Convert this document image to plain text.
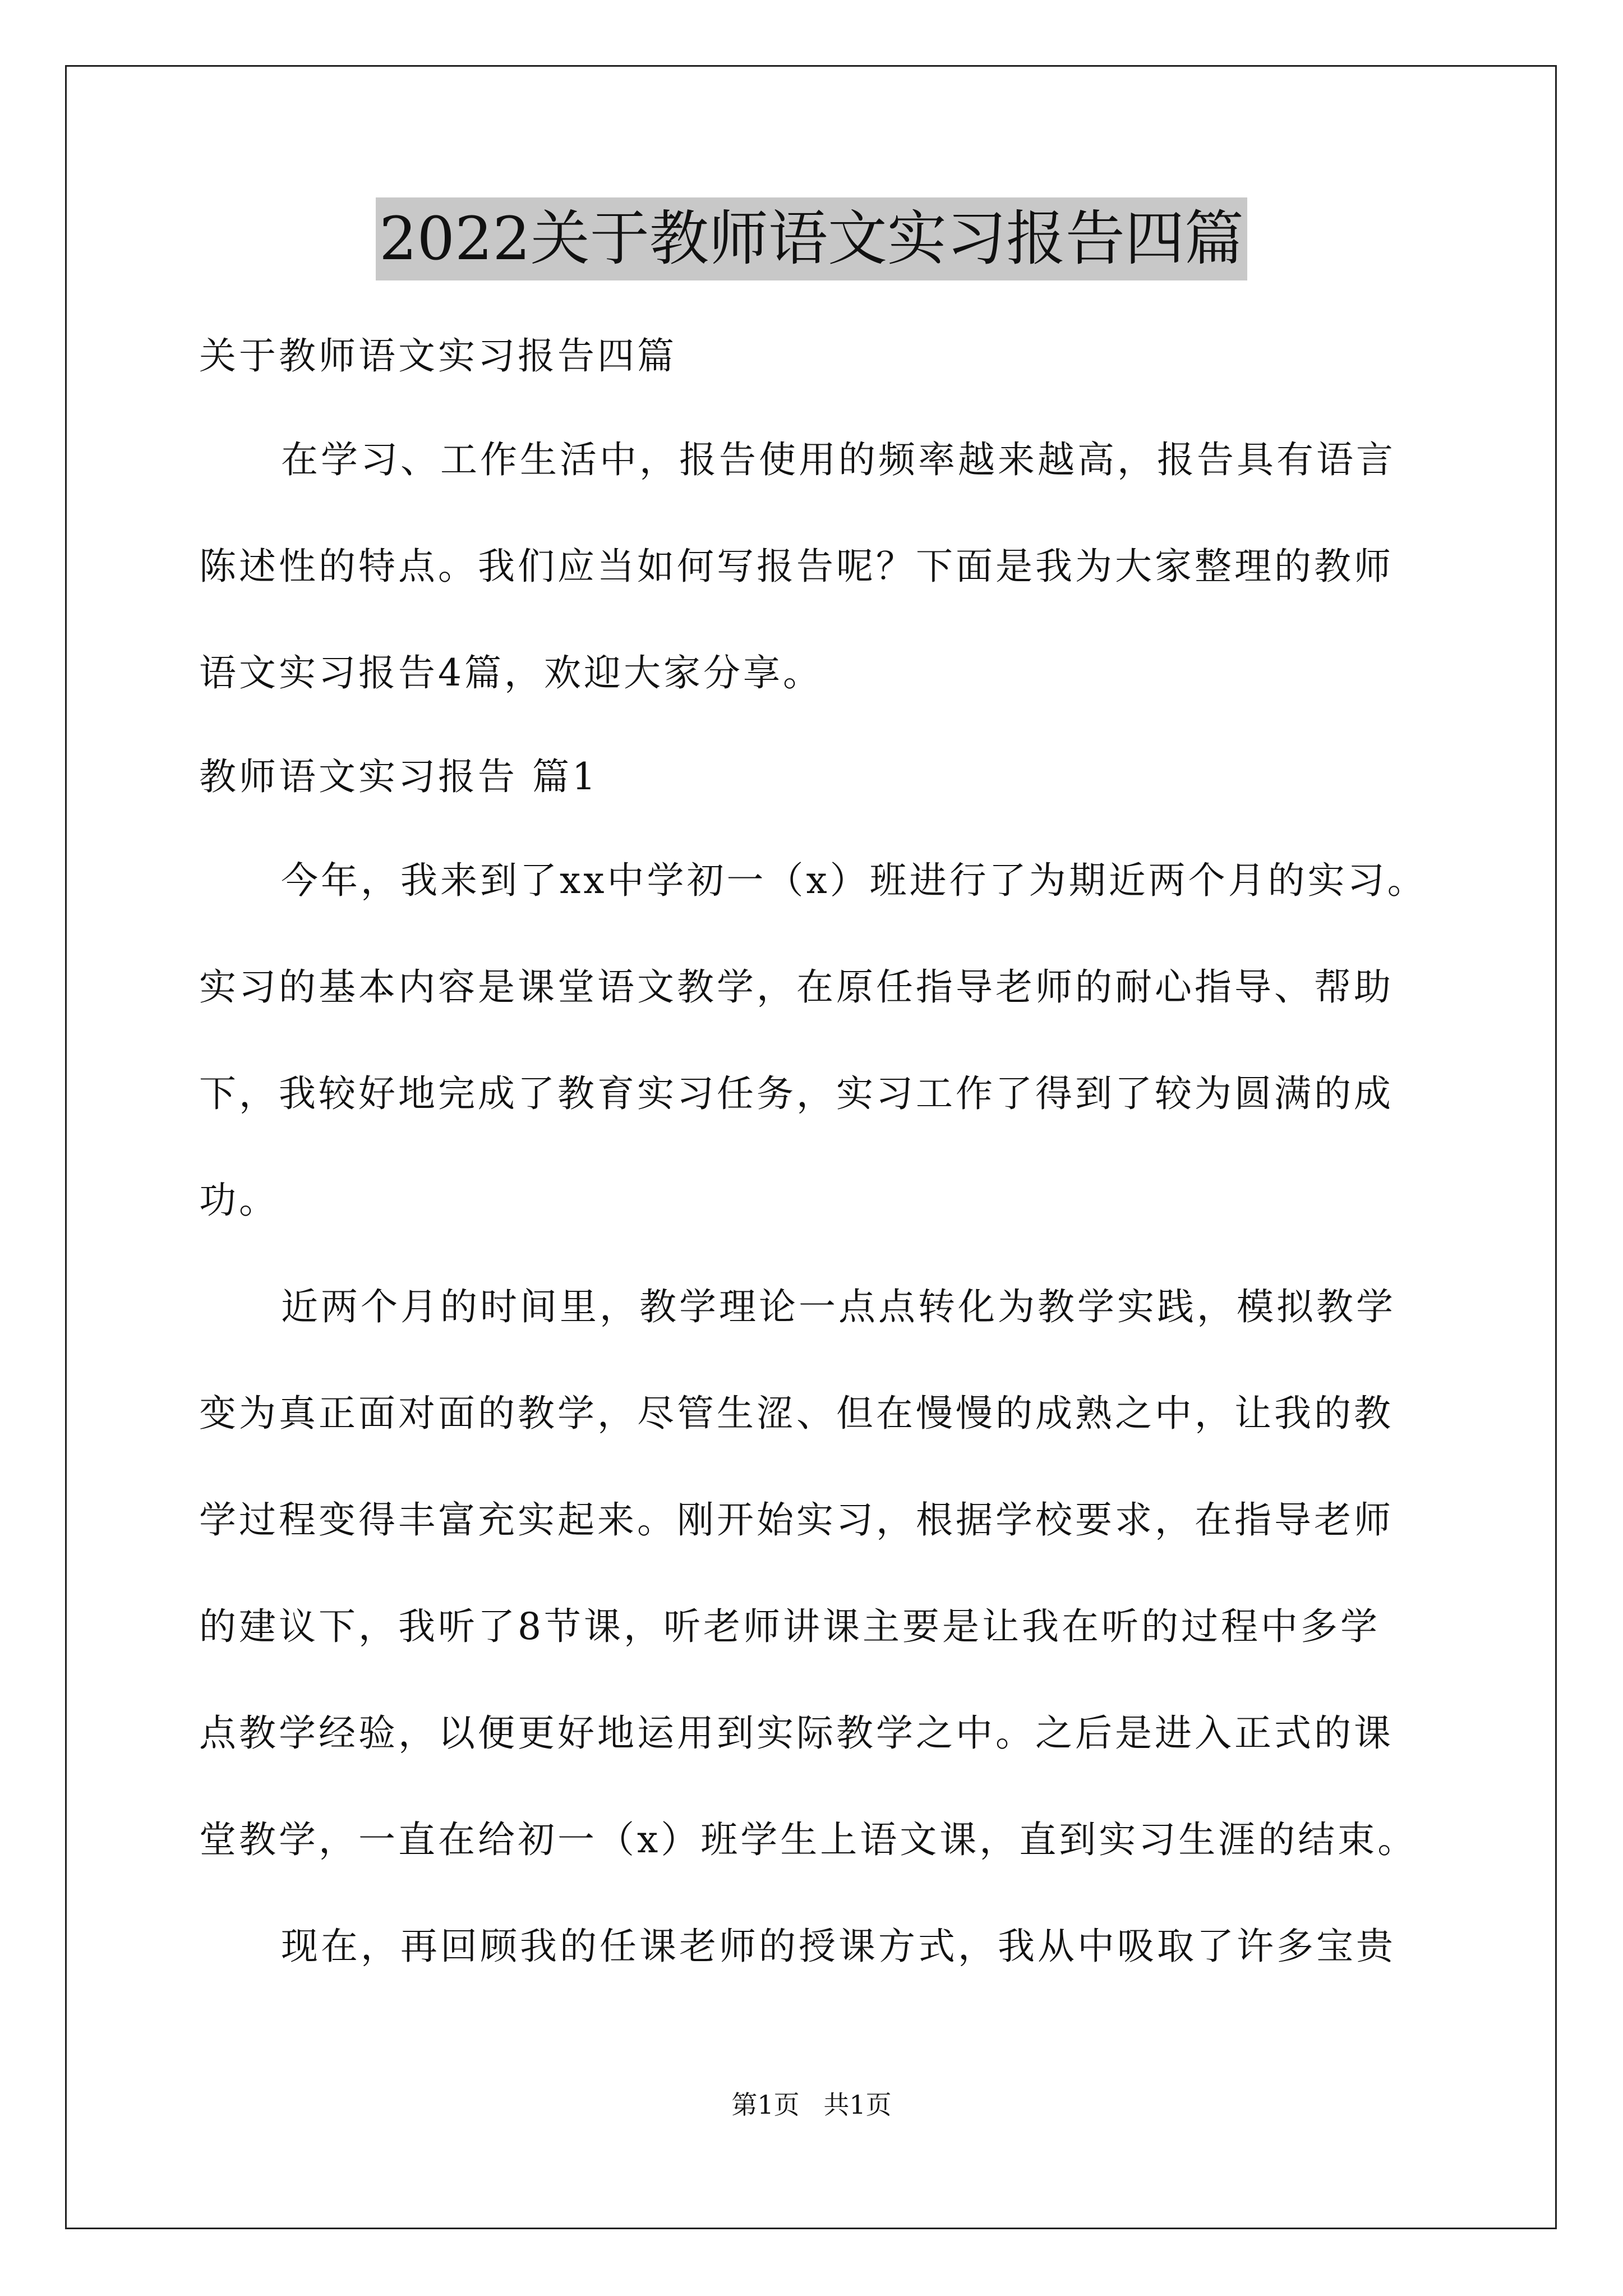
2022关于教师语文实习报告四篇
关于教师语文实习报告四篇
在学习、工作生活中，报告使用的频率越来越高，报告具有语言
陈述性的特点。我们应当如何写报告呢？下面是我为大家整理的教师
语文实习报告4篇，欢迎大家分享。
教师语文实习报告 篇1
今年，我来到了xx中学初一（x）班进行了为期近两个月的实习。
实习的基本内容是课堂语文教学，在原任指导老师的耐心指导、帮助
下，我较好地完成了教育实习任务，实习工作了得到了较为圆满的成
功。
近两个月的时间里，教学理论一点点转化为教学实践，模拟教学
变为真正面对面的教学，尽管生涩、但在慢慢的成熟之中，让我的教
学过程变得丰富充实起来。刚开始实习，根据学校要求，在指导老师
的建议下，我听了8节课，听老师讲课主要是让我在听的过程中多学
点教学经验，以便更好地运用到实际教学之中。之后是进入正式的课
堂教学，一直在给初一（x）班学生上语文课，直到实习生涯的结束。
现在，再回顾我的任课老师的授课方式，我从中吸取了许多宝贵
第1页 共1页
